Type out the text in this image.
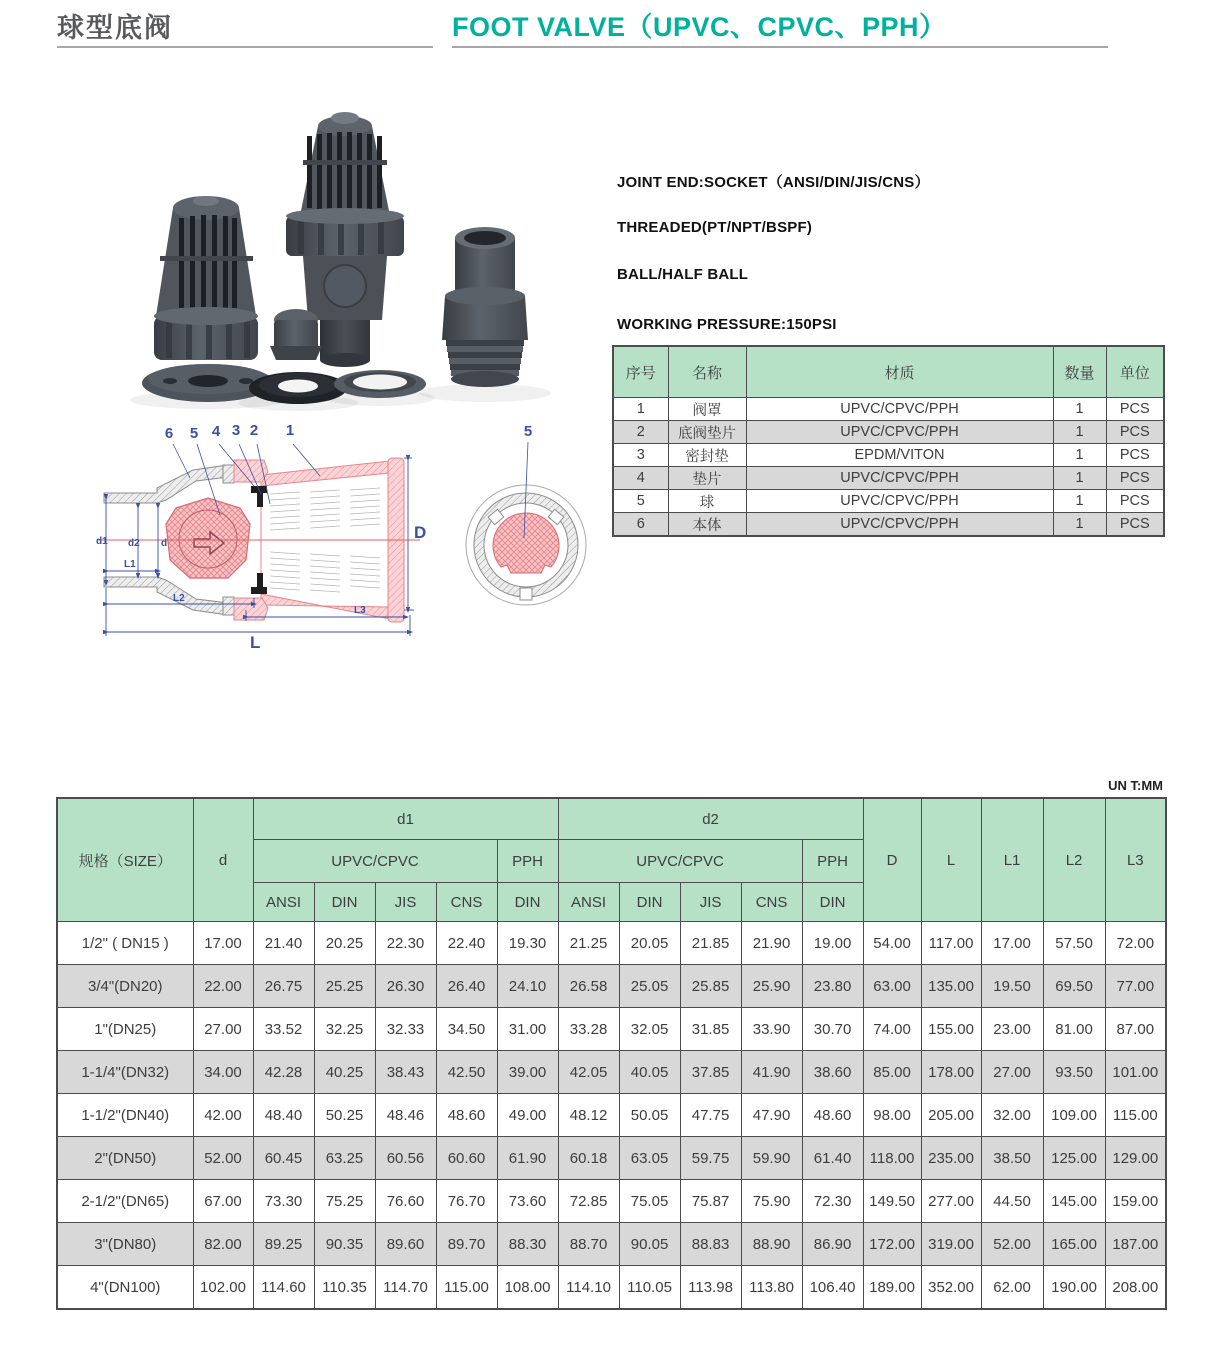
球型底阀	FOOT VALVE（UPVC、CPVC、PPH）
JOINT END:SOCKET（ANSI/DIN/JIS/CNS）
THREADED(PT/NPT/BSPF)
BALL/HALF BALL
WORKING PRESSURE:150PSI
序号	名称	材质	数量	单位
1	阀罩	UPVC/CPVC/PPH	1	PCS
2	底阀垫片	UPVC/CPVC/PPH	1	PCS
3	密封垫	EPDM/VITON	1	PCS
4	垫片	UPVC/CPVC/PPH	1	PCS
5	球	UPVC/CPVC/PPH	1	PCS
6	本体	UPVC/CPVC/PPH	1	PCS
6 5 4 3 2 1
d1 d2 d
L1
L2
L3
L
D
5
UN T:MM
规格（SIZE）	d	d1					d2					D	L	L1	L2	L3
		UPVC/CPVC				PPH	UPVC/CPVC				PPH					
		ANSI	DIN	JIS	CNS	DIN	ANSI	DIN	JIS	CNS	DIN					
1/2" ( DN15 )	17.00	21.40	20.25	22.30	22.40	19.30	21.25	20.05	21.85	21.90	19.00	54.00	117.00	17.00	57.50	72.00
3/4"(DN20)	22.00	26.75	25.25	26.30	26.40	24.10	26.58	25.05	25.85	25.90	23.80	63.00	135.00	19.50	69.50	77.00
1"(DN25)	27.00	33.52	32.25	32.33	34.50	31.00	33.28	32.05	31.85	33.90	30.70	74.00	155.00	23.00	81.00	87.00
1-1/4"(DN32)	34.00	42.28	40.25	38.43	42.50	39.00	42.05	40.05	37.85	41.90	38.60	85.00	178.00	27.00	93.50	101.00
1-1/2"(DN40)	42.00	48.40	50.25	48.46	48.60	49.00	48.12	50.05	47.75	47.90	48.60	98.00	205.00	32.00	109.00	115.00
2"(DN50)	52.00	60.45	63.25	60.56	60.60	61.90	60.18	63.05	59.75	59.90	61.40	118.00	235.00	38.50	125.00	129.00
2-1/2"(DN65)	67.00	73.30	75.25	76.60	76.70	73.60	72.85	75.05	75.87	75.90	72.30	149.50	277.00	44.50	145.00	159.00
3"(DN80)	82.00	89.25	90.35	89.60	89.70	88.30	88.70	90.05	88.83	88.90	86.90	172.00	319.00	52.00	165.00	187.00
4"(DN100)	102.00	114.60	110.35	114.70	115.00	108.00	114.10	110.05	113.98	113.80	106.40	189.00	352.00	62.00	190.00	208.00
